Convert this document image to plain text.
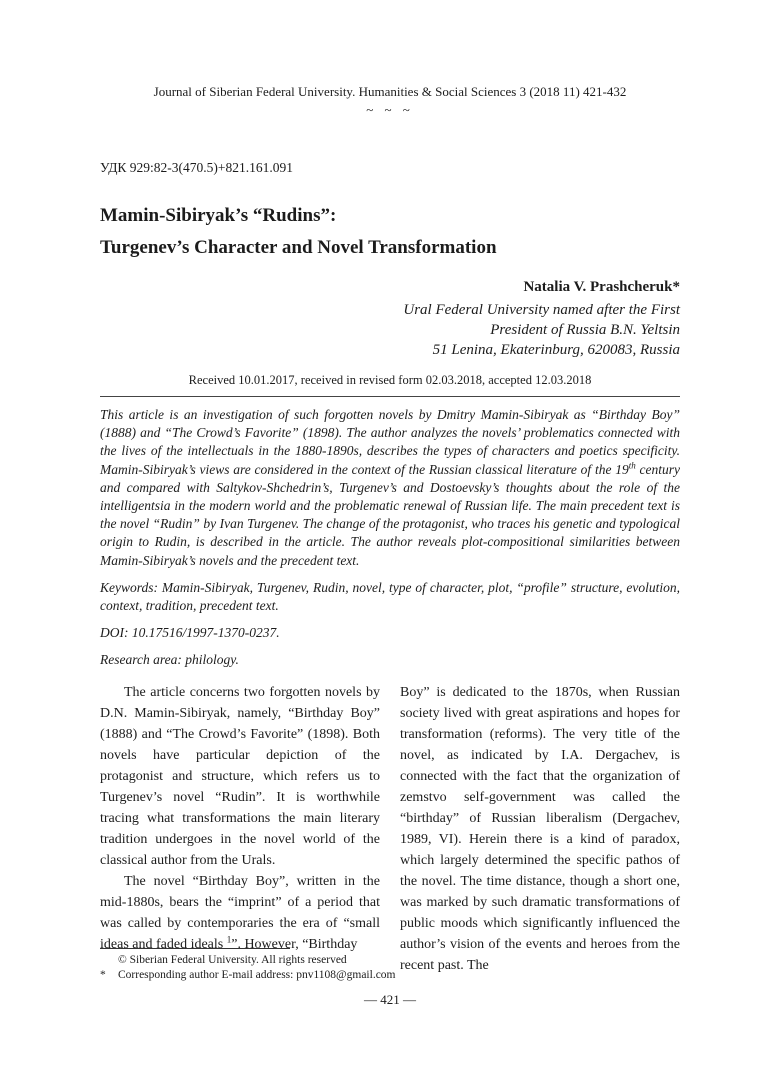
Journal of Siberian Federal University. Humanities & Social Sciences 3 (2018 11) 421-432
~ ~ ~
УДК 929:82-3(470.5)+821.161.091
Mamin-Sibiryak’s “Rudins”:
Turgenev’s Character and Novel Transformation
Natalia V. Prashcheruk*
Ural Federal University named after the First
President of Russia B.N. Yeltsin
51 Lenina, Ekaterinburg, 620083, Russia
Received 10.01.2017, received in revised form 02.03.2018, accepted 12.03.2018

This article is an investigation of such forgotten novels by Dmitry Mamin-Sibiryak as “Birthday Boy” (1888) and “The Crowd’s Favorite” (1898). The author analyzes the novels’ problematics connected with the lives of the intellectuals in the 1880-1890s, describes the types of characters and poetics specificity. Mamin-Sibiryak’s views are considered in the context of the Russian classical literature of the 19th century and compared with Saltykov-Shchedrin’s, Turgenev’s and Dostoevsky’s thoughts about the role of the intelligentsia in the modern world and the problematic renewal of Russian life. The main precedent text is the novel “Rudin” by Ivan Turgenev. The change of the protagonist, who traces his genetic and typological origin to Rudin, is described in the article. The author reveals plot-compositional similarities between Mamin-Sibiryak’s novels and the precedent text.

Keywords: Mamin-Sibiryak, Turgenev, Rudin, novel, type of character, plot, “profile” structure, evolution, context, tradition, precedent text.

DOI: 10.17516/1997-1370-0237.

Research area: philology.

The article concerns two forgotten novels by D.N. Mamin-Sibiryak, namely, “Birthday Boy” (1888) and “The Crowd’s Favorite” (1898). Both novels have particular depiction of the protagonist and structure, which refers us to Turgenev’s novel “Rudin”. It is worthwhile tracing what transformations the main literary tradition undergoes in the novel world of the classical author from the Urals.

The novel “Birthday Boy”, written in the mid-1880s, bears the “imprint” of a period that was called by contemporaries the era of “small ideas and faded ideals $^1$”. However, “Birthday

Boy” is dedicated to the 1870s, when Russian society lived with great aspirations and hopes for transformation (reforms). The very title of the novel, as indicated by I.A. Dergachev, is connected with the fact that the organization of zemstvo self-government was called the “birthday” of Russian liberalism (Dergachev, 1989, VI). Herein there is a kind of paradox, which largely determined the specific pathos of the novel. The time distance, though a short one, was marked by such dramatic transformations of public moods which significantly influenced the author’s vision of the events and heroes from the recent past. The

© Siberian Federal University. All rights reserved
*	Corresponding author E-mail address: pnv1108@gmail.com
— 421 —
